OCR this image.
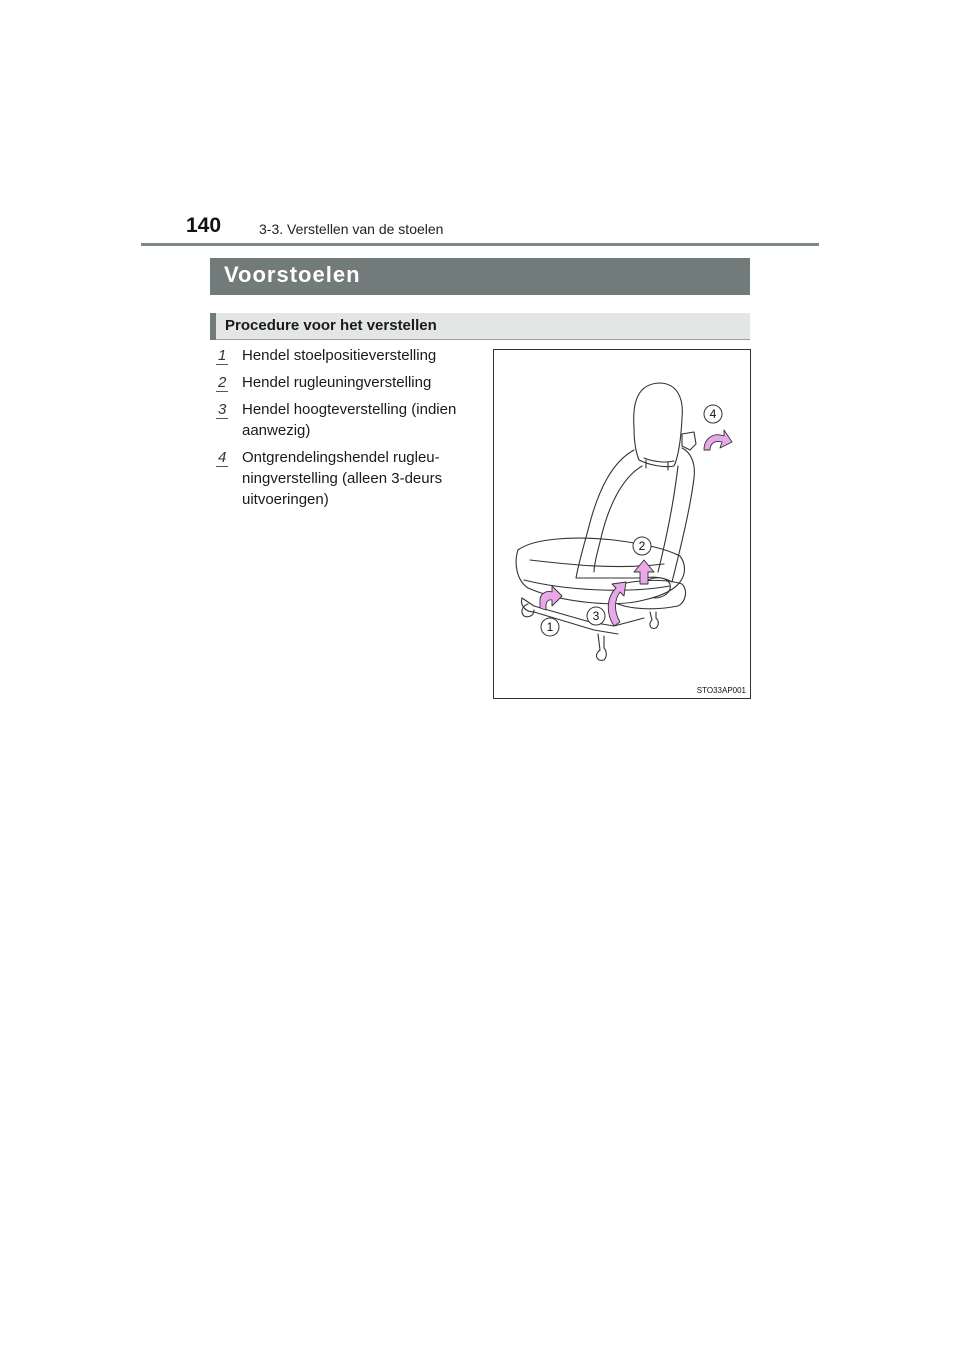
140	3-3. Verstellen van de stoelen
Voorstoelen
Procedure voor het verstellen
1 Hendel stoelpositieverstelling
2 Hendel rugleuningverstelling
3 Hendel hoogteverstelling (indien aanwezig)
4 Ontgrendelingshendel rugleu-ningverstelling (alleen 3-deurs uitvoeringen)
1
2
3
4
STO33AP001
